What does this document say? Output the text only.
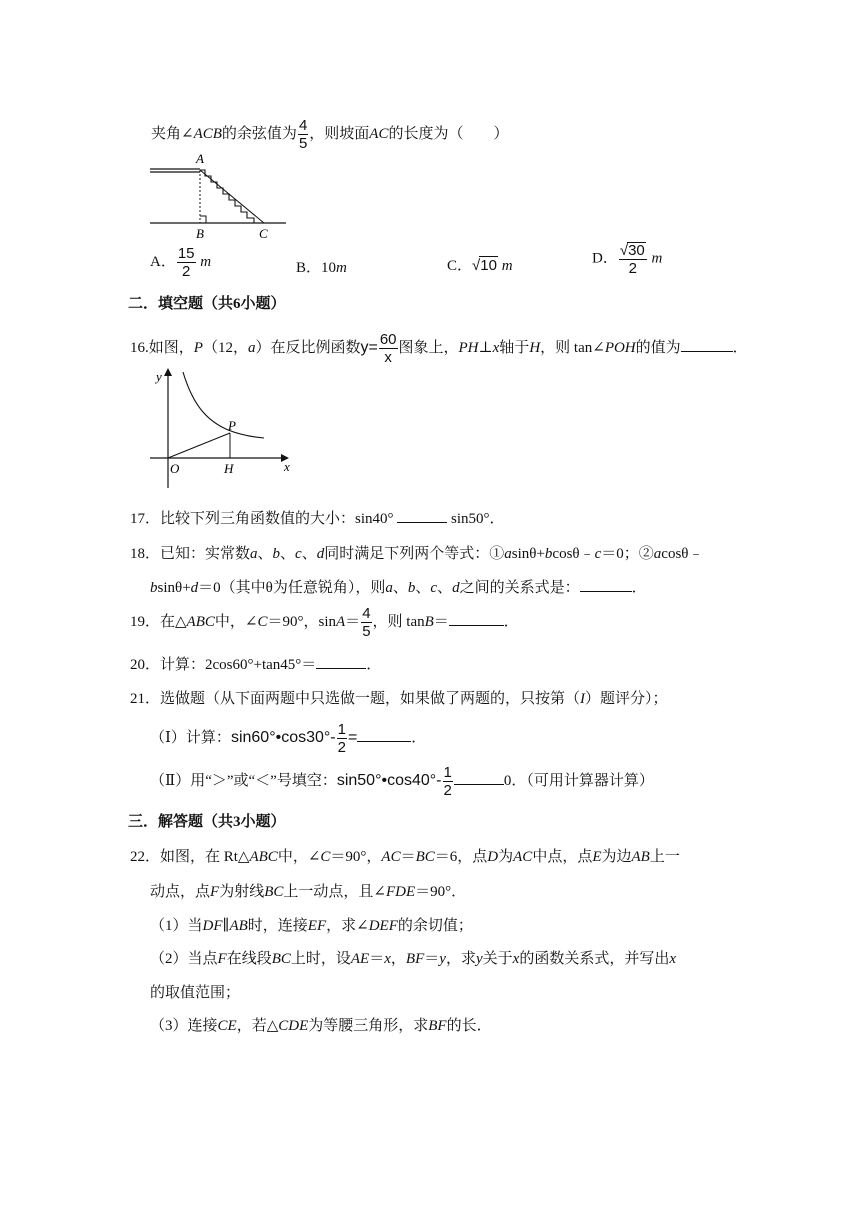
夹角∠ACB的余弦值为 $\frac{4}{5}$ ，则坡面AC的长度为（　　）
A
B	C
A． $\frac{15}{2}$ m	B．10m	C．√10 m	D． $\frac{√30}{2}$ m
二．填空题（共6小题）
16.如图，P（12，a）在反比例函数$y= \frac{60}{x}$ 图象上，PH⊥x轴于H，则 tan∠POH的值为	．
y
x
O	H
P
17．比较下列三角函数值的大小：sin40°	sin50°．
18．已知：实常数a、b、c、d同时满足下列两个等式：①asinθ+bcosθ﹣c＝0；②acosθ﹣
bsinθ+d＝0（其中θ为任意锐角），则a、b、c、d之间的关系式是：	．
19．在△ABC中，∠C＝90°，$\sin A= \frac{4}{5}$ ，则 tanB＝	．
20．计算：2cos60°+tan45°＝	．
21．选做题（从下面两题中只选做一题，如果做了两题的，只按第（I）题评分）；
（Ⅰ）计算：sin60°•cos30°- $\frac{1}{2}$ =	．
（Ⅱ）用“＞”或“＜”号填空：sin50°•cos40°- $\frac{1}{2}$	0．（可用计算器计算）
三．解答题（共3小题）
22．如图，在 Rt△ABC中，∠C＝90°，AC＝BC＝6，点D为AC中点，点E为边AB上一
动点，点F为射线BC上一动点，且∠FDE＝90°．
（1）当DF∥AB时，连接EF，求∠DEF的余切值；
（2）当点F在线段BC上时，设AE＝x，BF＝y，求y关于x的函数关系式，并写出x
的取值范围；
（3）连接CE，若△CDE为等腰三角形，求BF的长．
